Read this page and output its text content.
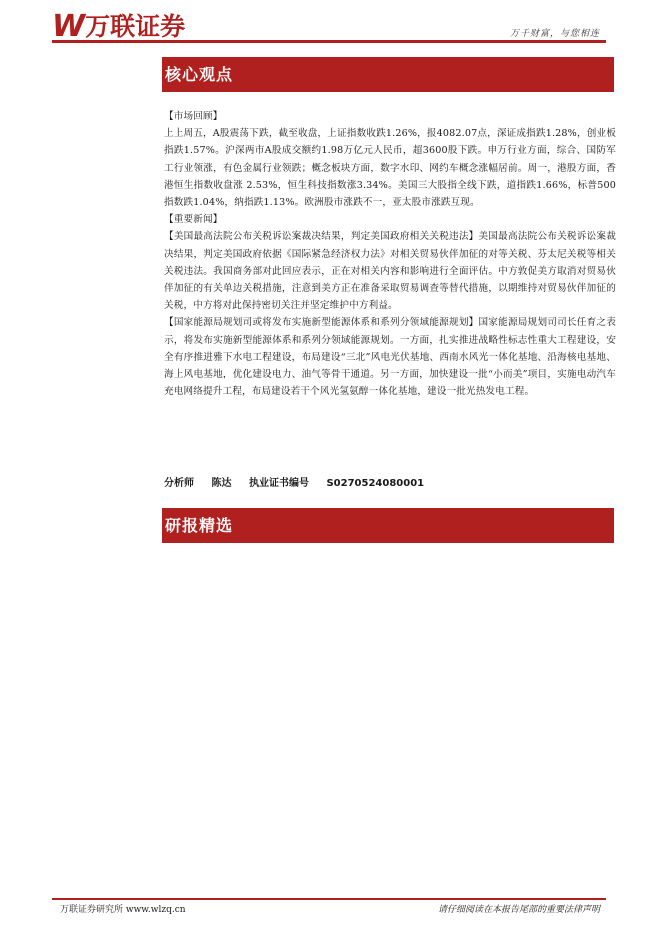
W 万联证券	万千财富，与您相连
核心观点

【市场回顾】

上上周五，A股震荡下跌，截至收盘，上证指数收跌1.26%，报4082.07点，深证成指跌1.28%，创业板指跌1.57%。沪深两市A股成交额约1.98万亿元人民币，超3600股下跌。申万行业方面，综合、国防军工行业领涨，有色金属行业领跌；概念板块方面，数字水印、网约车概念涨幅居前。周一，港股方面，香港恒生指数收盘涨 2.53%，恒生科技指数涨3.34%。美国三大股指全线下跌，道指跌1.66%，标普500指数跌1.04%，纳指跌1.13%。欧洲股市涨跌不一，亚太股市涨跌互现。

【重要新闻】

【美国最高法院公布关税诉讼案裁决结果，判定美国政府相关关税违法】美国最高法院公布关税诉讼案裁决结果，判定美国政府依据《国际紧急经济权力法》对相关贸易伙伴加征的对等关税、芬太尼关税等相关关税违法。我国商务部对此回应表示，正在对相关内容和影响进行全面评估。中方敦促美方取消对贸易伙伴加征的有关单边关税措施，注意到美方正在准备采取贸易调查等替代措施，以期维持对贸易伙伴加征的关税，中方将对此保持密切关注并坚定维护中方利益。

【国家能源局规划司或将发布实施新型能源体系和系列分领域能源规划】国家能源局规划司司长任育之表示，将发布实施新型能源体系和系列分领域能源规划。一方面，扎实推进战略性标志性重大工程建设，安全有序推进雅下水电工程建设，布局建设“三北”风电光伏基地、西南水风光一体化基地、沿海核电基地、海上风电基地，优化建设电力、油气等骨干通道。另一方面，加快建设一批“小而美”项目，实施电动汽车充电网络提升工程，布局建设若干个风光氢氨醇一体化基地，建设一批光热发电工程。

分析师 陈达 执业证书编号 S0270524080001
研报精选
万联证券研究所 www.wlzq.cn	请仔细阅读在本报告尾部的重要法律声明
